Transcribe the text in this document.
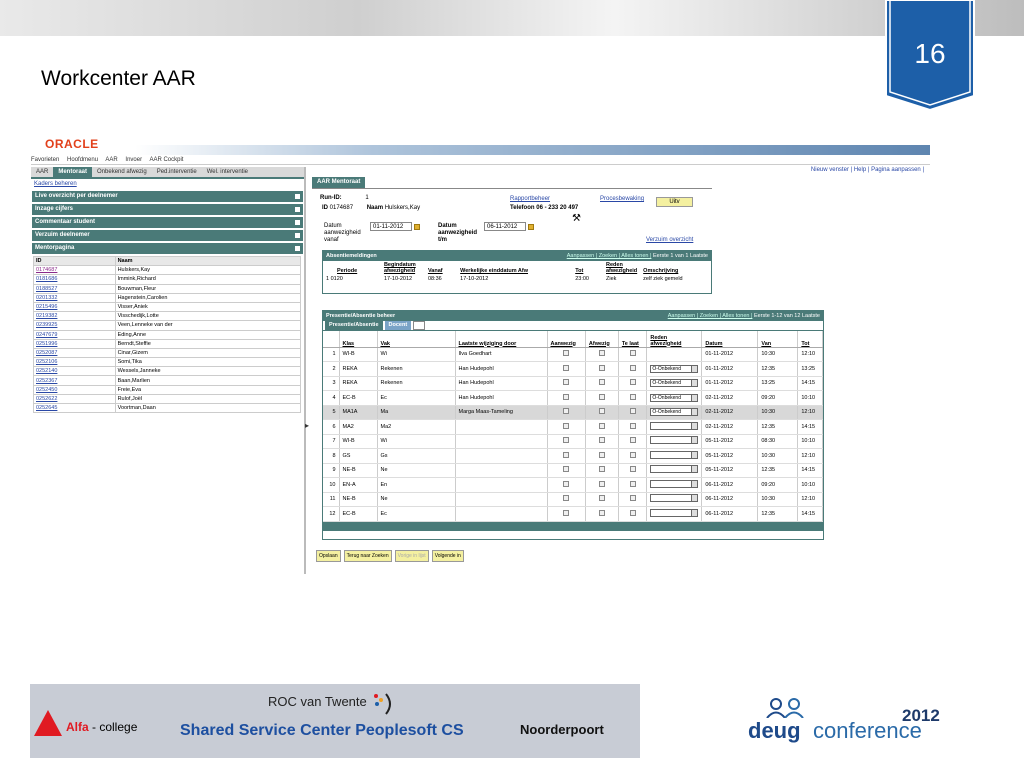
16
Workcenter AAR
ORACLE
Inbox Worklijst Multikanaalconsole Toev. aan favorieten Afmelden
Favorieten Hoofdmenu AAR Invoer AAR Cockpit
AAR	Mentoraat	Onbekend afwezig	Ped.interventie	Wel. interventie
Kaders beheren
Live overzicht per deelnemer
Inzage cijfers
Commentaar student
Verzuim deelnemer
Mentorpagina
ID	Naam
0174687	Hulskers,Kay
0181686	Immink,Richard
0188527	Bouwman,Fleur
0201332	Hagenstein,Carolien
0215496	Visser,Aniek
0219382	Visschedijk,Lotte
0239925	Veen,Lenneke van der
0247679	Eding,Anne
0251996	Berndt,Steffie
0252087	Cinar,Gizem
0252106	Somi,Tika
0252140	Wessels,Janneke
0252367	Baan,Marlien
0252450	Freie,Eva
0252622	Rulof,Joël
0252645	Voortman,Daan
▸
Nieuw venster | Help | Pagina aanpassen |
AAR Mentoraat
Run-ID:	1
ID 0174687 Naam Hulskers,Kay
Rapportbeheer	Procesbewaking	Uitv
Telefoon 06 - 233 20 497
⚒
Datum aanwezigheid vanaf
01-11-2012	Datum aanwezigheid t/m
06-11-2012
Verzuim overzicht
Absentiemeldingen	Aanpassen | Zoeken | Alles tonen | Eerste 1 van 1 Laatste
Periode	Begindatum afwezigheid	Vanaf	Werkelijke einddatum Afw	Tot	Reden afwezigheid	Omschrijving
1 0120	17-10-2012	08:36	17-10-2012	23:00	Ziek	zelf ziek gemeld
Presentie/Absentie beheer	Aanpassen | Zoeken | Alles tonen | Eerste 1-12 van 12 Laatste
Presentie/Absentie	Docent
	Klas	Vak	Laatste wijziging door	Aanwezig	Afwezig	Te laat	Reden afwezigheid	Datum	Van	Tot
1	WI-B	Wi	Ilva Goedhart					01-11-2012	10:30	12:10
2	REKA	Rekenen	Han Hudepohl				O-Onbekend	01-11-2012	12:35	13:25
3	REKA	Rekenen	Han Hudepohl				O-Onbekend	01-11-2012	13:25	14:15
4	EC-B	Ec	Han Hudepohl				O-Onbekend	02-11-2012	09:20	10:10
5	MA1A	Ma	Marga Maas-Tameling				O-Onbekend	02-11-2012	10:30	12:10
6	MA2	Ma2						02-11-2012	12:35	14:15
7	WI-B	Wi						05-11-2012	08:30	10:10
8	GS	Gs						05-11-2012	10:30	12:10
9	NE-B	Ne						05-11-2012	12:35	14:15
10	EN-A	En						06-11-2012	09:20	10:10
11	NE-B	Ne						06-11-2012	10:30	12:10
12	EC-B	Ec						06-11-2012	12:35	14:15
Opslaan	Terug naar Zoeken	Vorige in lijst	Volgende in
Alfa - college
ROC van Twente
Shared Service Center Peoplesoft CS	Noorderpoort
2012
deug conference
